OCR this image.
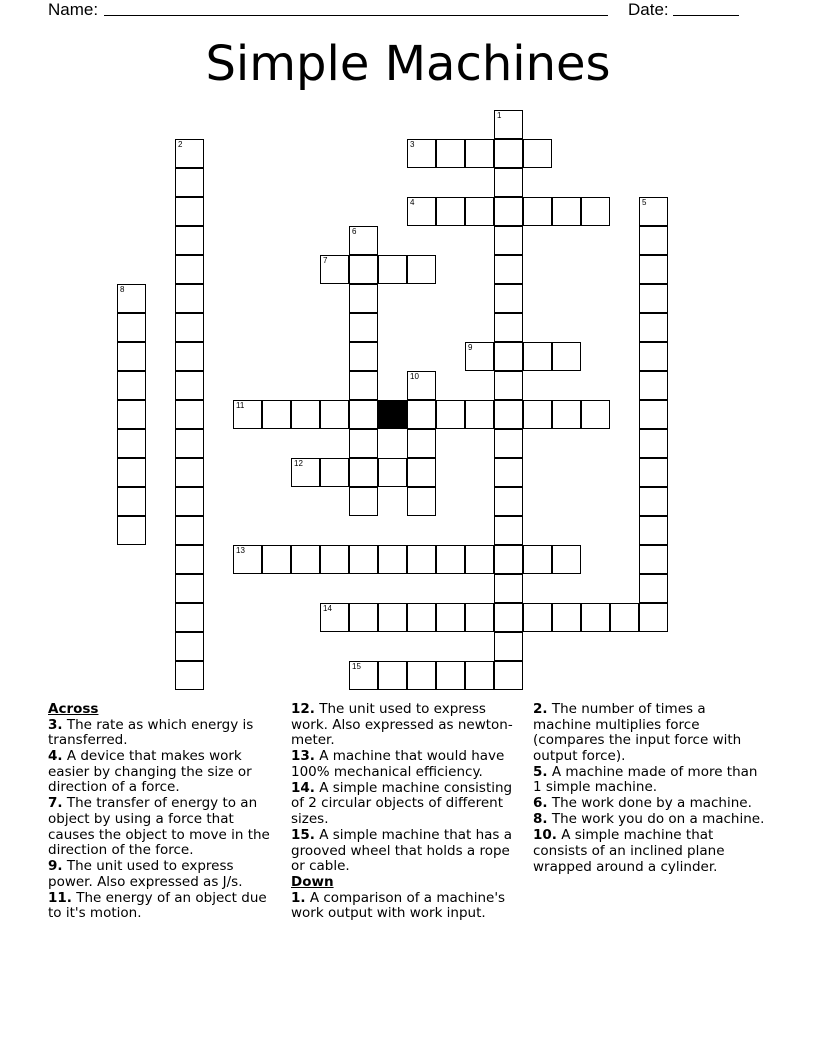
Name:	Date:
Simple Machines
3
4
7
9
11
12
13
14
15
1
2
5
6
8
10
Across
3. The rate as which energy is transferred.
4. A device that makes work easier by changing the size or direction of a force.
7. The transfer of energy to an object by using a force that causes the object to move in the direction of the force.
9. The unit used to express power. Also expressed as J/s.
11. The energy of an object due to it's motion.
12. The unit used to express work. Also expressed as newton-meter.
13. A machine that would have 100% mechanical efficiency.
14. A simple machine consisting of 2 circular objects of different sizes.
15. A simple machine that has a grooved wheel that holds a rope or cable.
Down
1. A comparison of a machine's work output with work input.
2. The number of times a machine multiplies force (compares the input force with output force).
5. A machine made of more than 1 simple machine.
6. The work done by a machine.
8. The work you do on a machine.
10. A simple machine that consists of an inclined plane wrapped around a cylinder.
